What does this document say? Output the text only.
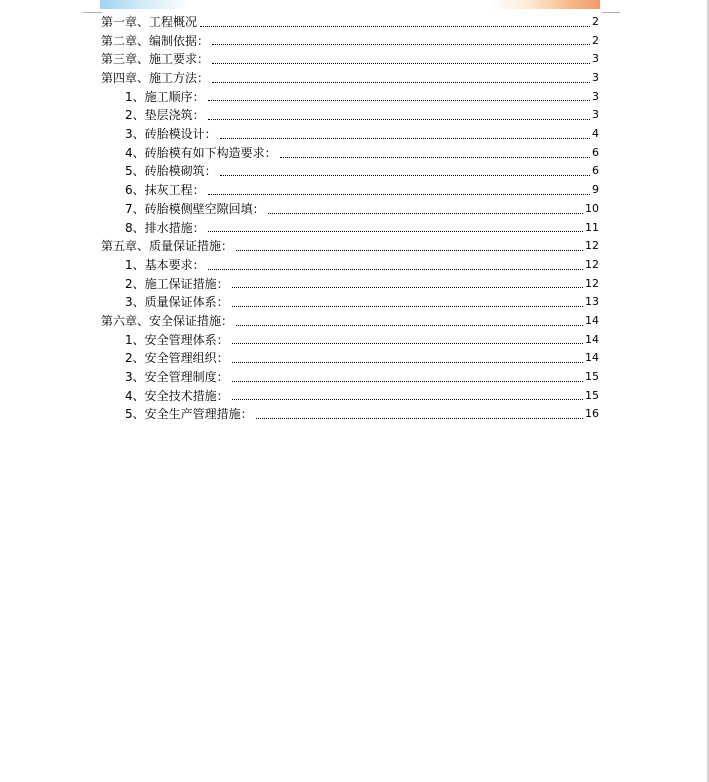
第一章、工程概况	2
第二章、编制依据：	2
第三章、施工要求：	3
第四章、施工方法：	3
1、施工顺序：	3
2、垫层浇筑：	3
3、砖胎模设计：	4
4、砖胎模有如下构造要求：	6
5、砖胎模砌筑：	6
6、抹灰工程：	9
7、砖胎模侧壁空隙回填：	10
8、排水措施：	11
第五章、质量保证措施：	12
1、基本要求：	12
2、施工保证措施：	12
3、质量保证体系：	13
第六章、安全保证措施：	14
1、安全管理体系：	14
2、安全管理组织：	14
3、安全管理制度：	15
4、安全技术措施：	15
5、安全生产管理措施：	16
